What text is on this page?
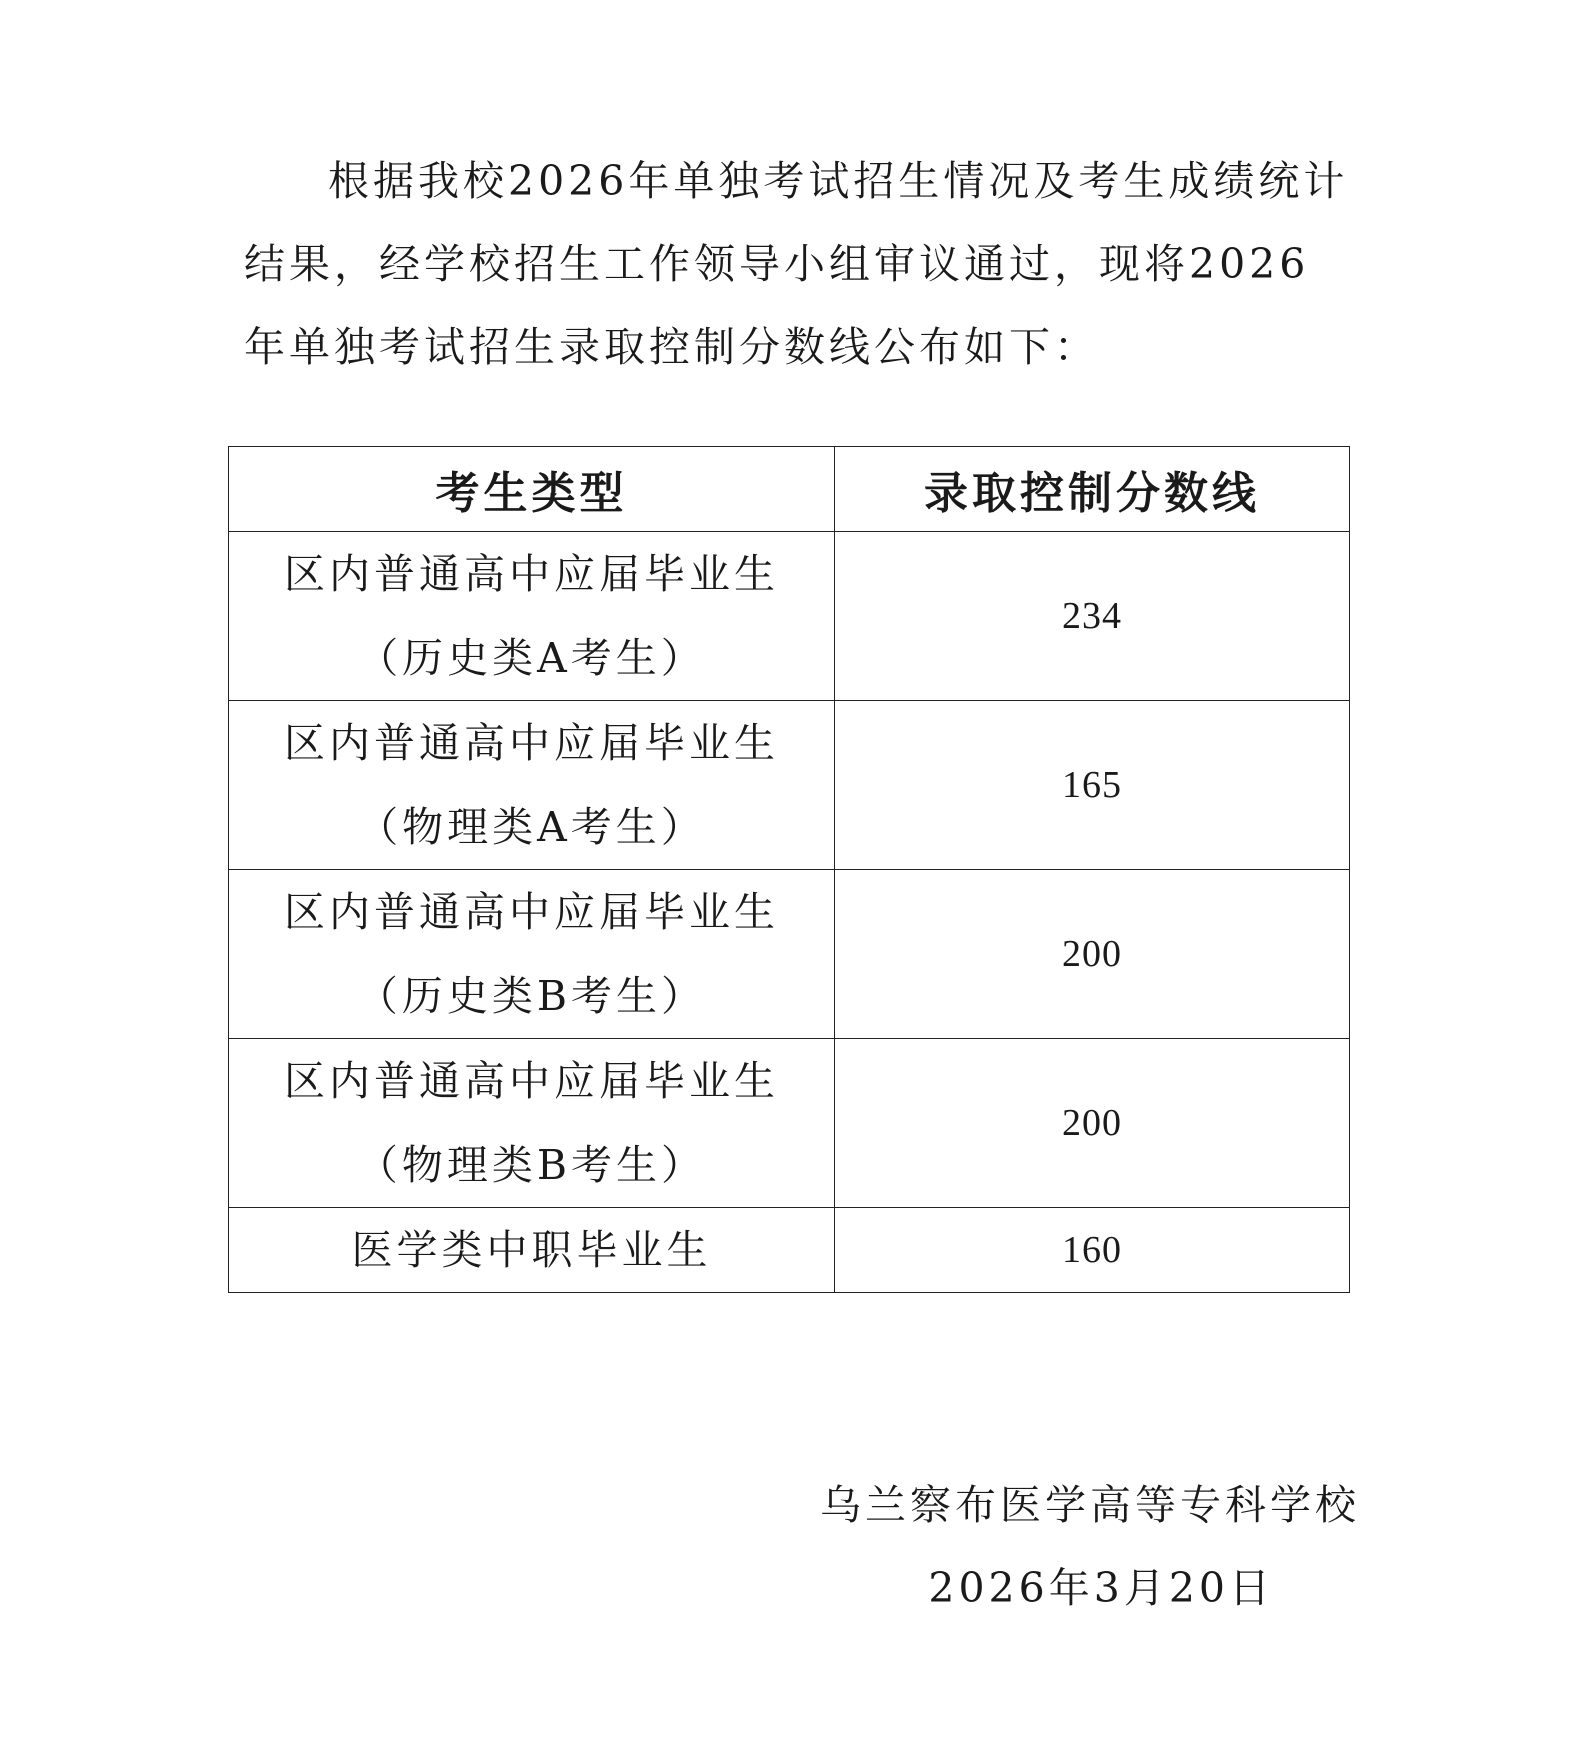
根据我校2026年单独考试招生情况及考生成绩统计结果，经学校招生工作领导小组审议通过，现将2026年单独考试招生录取控制分数线公布如下：

考生类型	录取控制分数线

区内普通高中应届毕业生
（历史类A考生）	234

区内普通高中应届毕业生
（物理类A考生）	165

区内普通高中应届毕业生
（历史类B考生）	200

区内普通高中应届毕业生
（物理类B考生）	200

医学类中职毕业生	160
乌兰察布医学高等专科学校
2026年3月20日
